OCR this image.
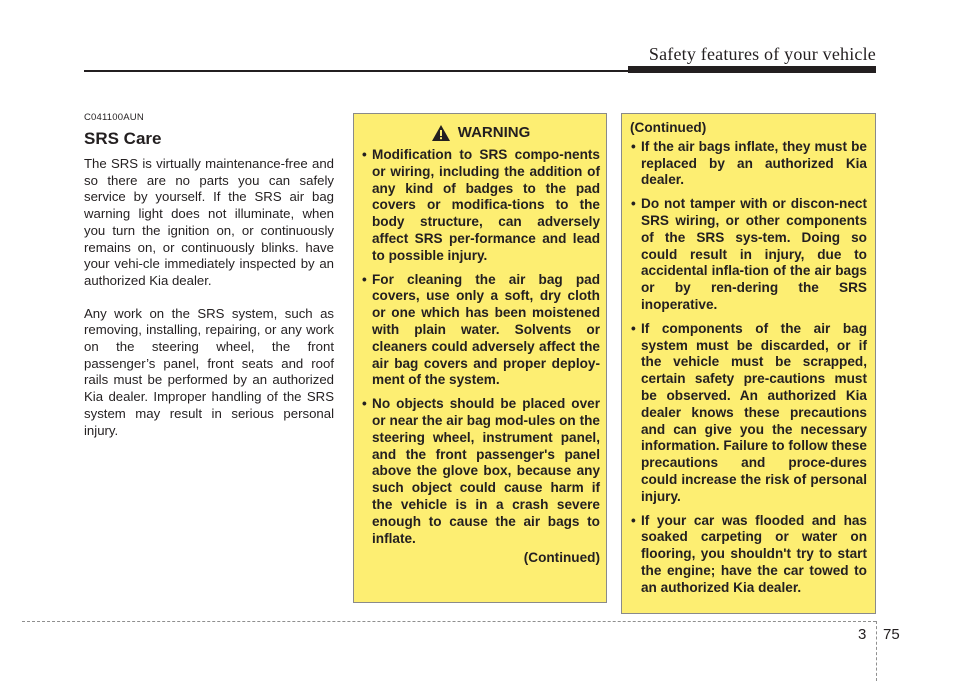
Safety features of your vehicle
C041100AUN
SRS Care
The SRS is virtually maintenance-free and so there are no parts you can safely service by yourself. If the SRS air bag warning light does not illuminate, when you turn the ignition on, or continuously remains on, or continuously blinks. have your vehi-cle immediately inspected by an authorized Kia dealer.
Any work on the SRS system, such as removing, installing, repairing, or any work on the steering wheel, the front passenger’s panel, front seats and roof rails must be performed by an authorized Kia dealer. Improper handling of the SRS system may result in serious personal injury.
WARNING
• Modification to SRS compo-nents or wiring, including the addition of any kind of badges to the pad covers or modifica-tions to the body structure, can adversely affect SRS per-formance and lead to possible injury.
• For cleaning the air bag pad covers, use only a soft, dry cloth or one which has been moistened with plain water. Solvents or cleaners could adversely affect the air bag covers and proper deploy-ment of the system.
• No objects should be placed over or near the air bag mod-ules on the steering wheel, instrument panel, and the front passenger's panel above the glove box, because any such object could cause harm if the vehicle is in a crash severe enough to cause the air bags to inflate.
(Continued)
(Continued)
• If the air bags inflate, they must be replaced by an authorized Kia dealer.
• Do not tamper with or discon-nect SRS wiring, or other components of the SRS sys-tem. Doing so could result in injury, due to accidental infla-tion of the air bags or by ren-dering the SRS inoperative.
• If components of the air bag system must be discarded, or if the vehicle must be scrapped, certain safety pre-cautions must be observed. An authorized Kia dealer knows these precautions and can give you the necessary information. Failure to follow these precautions and proce-dures could increase the risk of personal injury.
• If your car was flooded and has soaked carpeting or water on flooring, you shouldn't try to start the engine; have the car towed to an authorized Kia dealer.
3 75
